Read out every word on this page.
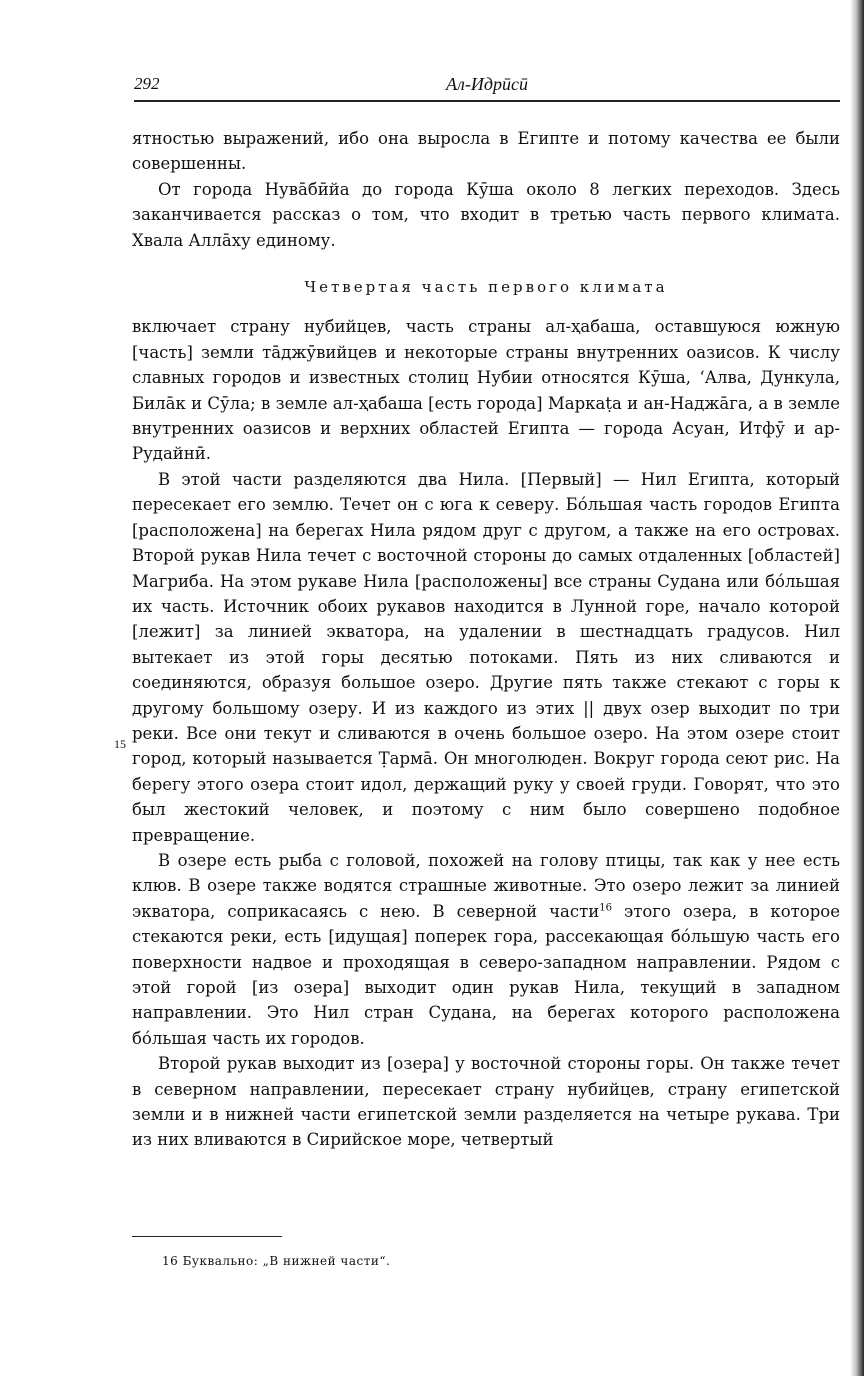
292	Ал-Идрӣсӣ

ятностью выражений, ибо она выросла в Египте и потому качества ее были совершенны.

От города Нувāбӣйа до города Кӯша около 8 легких переходов. Здесь заканчивается рассказ о том, что входит в третью часть первого климата. Хвала Аллāху единому.

Четвертая часть первого климата

включает страну нубийцев, часть страны ал-ҳабаша, оставшуюся южную [часть] земли тāджӯвийцев и некоторые страны внутренних оазисов. К числу славных городов и известных столиц Нубии относятся Кӯша, ‘Алва, Дункула, Билāк и Сӯла; в земле ал-ҳабаша [есть города] Маркаṭа и ан-Наджāга, а в земле внутренних оазисов и верхних областей Египта — города Асуан, Итфӯ и ар-Рудайнӣ.

В этой части разделяются два Нила. [Первый] — Нил Египта, который пересекает его землю. Течет он с юга к северу. Бо́льшая часть городов Египта [расположена] на берегах Нила рядом друг с другом, а также на его островах. Второй рукав Нила течет с восточной стороны до самых отдаленных [областей] Магриба. На этом рукаве Нила [расположены] все страны Судана или бо́льшая их часть. Источник обоих рукавов находится в Лунной горе, начало которой [лежит] за линией экватора, на удалении в шестнадцать градусов. Нил вытекает из этой горы десятью потоками. Пять из них сливаются и соединяются, образуя большое озеро. Другие пять также стекают с горы к другому большому озеру. И из каждого из этих || двух озер выходит по три реки. Все они текут и сливаются в очень большое озеро. На этом озере стоит город, который называется Ṭармā. Он многолюден. Вокруг города сеют рис. На берегу этого озера стоит идол, держащий руку у своей груди. Говорят, что это был жестокий человек, и поэтому с ним было совершено подобное превращение.

В озере есть рыба с головой, похожей на голову птицы, так как у нее есть клюв. В озере также водятся страшные животные. Это озеро лежит за линией экватора, соприкасаясь с нею. В северной части$^{16}$ этого озера, в которое стекаются реки, есть [идущая] поперек гора, рассекающая бо́льшую часть его поверхности надвое и проходящая в северо-западном направлении. Рядом с этой горой [из озера] выходит один рукав Нила, текущий в западном направлении. Это Нил стран Судана, на берегах которого расположена бо́льшая часть их городов.

Второй рукав выходит из [озера] у восточной стороны горы. Он также течет в северном направлении, пересекает страну нубийцев, страну египетской земли и в нижней части египетской земли разделяется на четыре рукава. Три из них вливаются в Сирийское море, четвертый

15
16 Буквально: „В нижней части“.
